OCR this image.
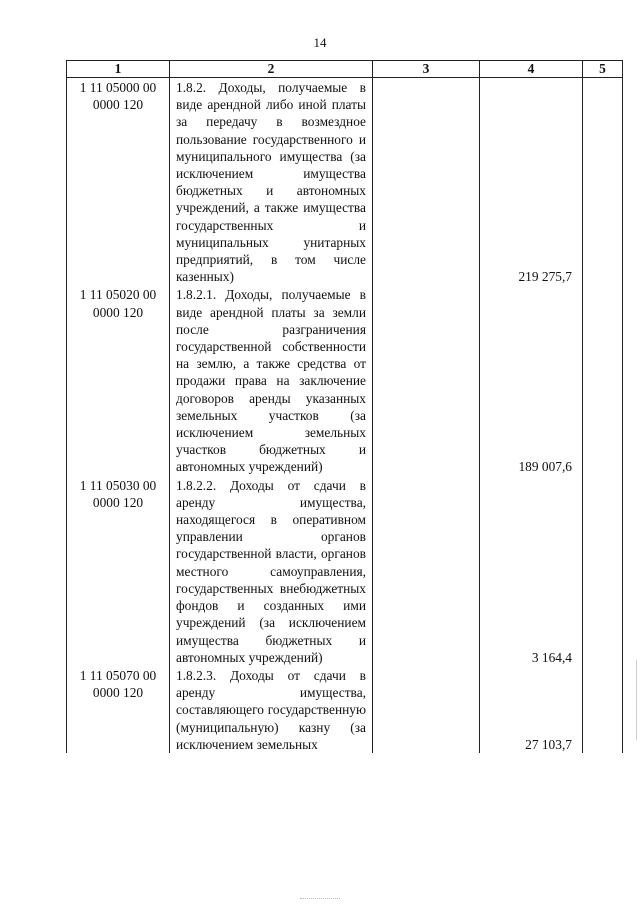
14
1	2	3	4	5

1 11 05000 00
0000 120	1.8.2. Доходы, получаемые в виде арендной либо иной платы за передачу в возмездное пользование государственного и муниципального имущества (за исключением имущества бюджетных и автономных учреждений, а также имущества государственных и муниципальных унитарных предприятий, в том числе казенных)		219 275,7	

1 11 05020 00
0000 120	1.8.2.1. Доходы, получаемые в виде арендной платы за земли после разграничения государственной собственности на землю, а также средства от продажи права на заключение договоров аренды указанных земельных участков (за исключением земельных участков бюджетных и автономных учреждений)		189 007,6	

1 11 05030 00
0000 120	1.8.2.2. Доходы от сдачи в аренду имущества, находящегося в оперативном управлении органов государственной власти, органов местного самоуправления, государственных внебюджетных фондов и созданных ими учреждений (за исключением имущества бюджетных и автономных учреждений)		3 164,4	

1 11 05070 00
0000 120	1.8.2.3. Доходы от сдачи в аренду имущества, составляющего государственную (муниципальную) казну (за исключением земельных		27 103,7	
